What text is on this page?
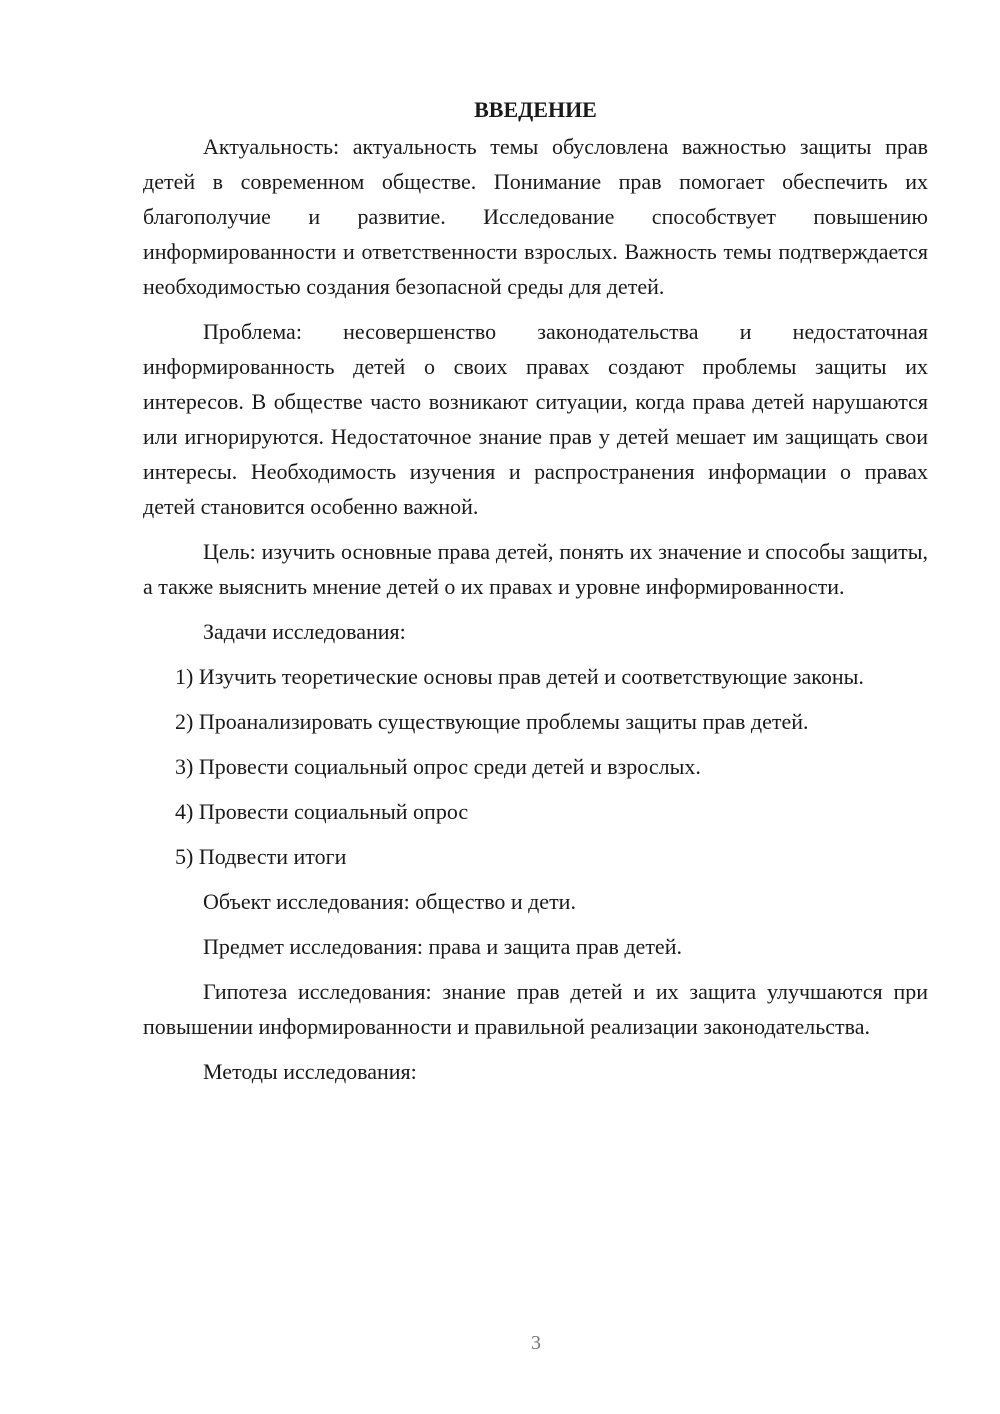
ВВЕДЕНИЕ

Актуальность: актуальность темы обусловлена важностью защиты прав детей в современном обществе. Понимание прав помогает обеспечить их благополучие и развитие. Исследование способствует повышению информированности и ответственности взрослых. Важность темы подтверждается необходимостью создания безопасной среды для детей.

Проблема: несовершенство законодательства и недостаточная информированность детей о своих правах создают проблемы защиты их интересов. В обществе часто возникают ситуации, когда права детей нарушаются или игнорируются. Недостаточное знание прав у детей мешает им защищать свои интересы. Необходимость изучения и распространения информации о правах детей становится особенно важной.

Цель: изучить основные права детей, понять их значение и способы защиты, а также выяснить мнение детей о их правах и уровне информированности.

Задачи исследования:

1) Изучить теоретические основы прав детей и соответствующие законы.

2) Проанализировать существующие проблемы защиты прав детей.

3) Провести социальный опрос среди детей и взрослых.

4) Провести социальный опрос

5) Подвести итоги

Объект исследования: общество и дети.

Предмет исследования: права и защита прав детей.

Гипотеза исследования: знание прав детей и их защита улучшаются при повышении информированности и правильной реализации законодательства.

Методы исследования:

3
